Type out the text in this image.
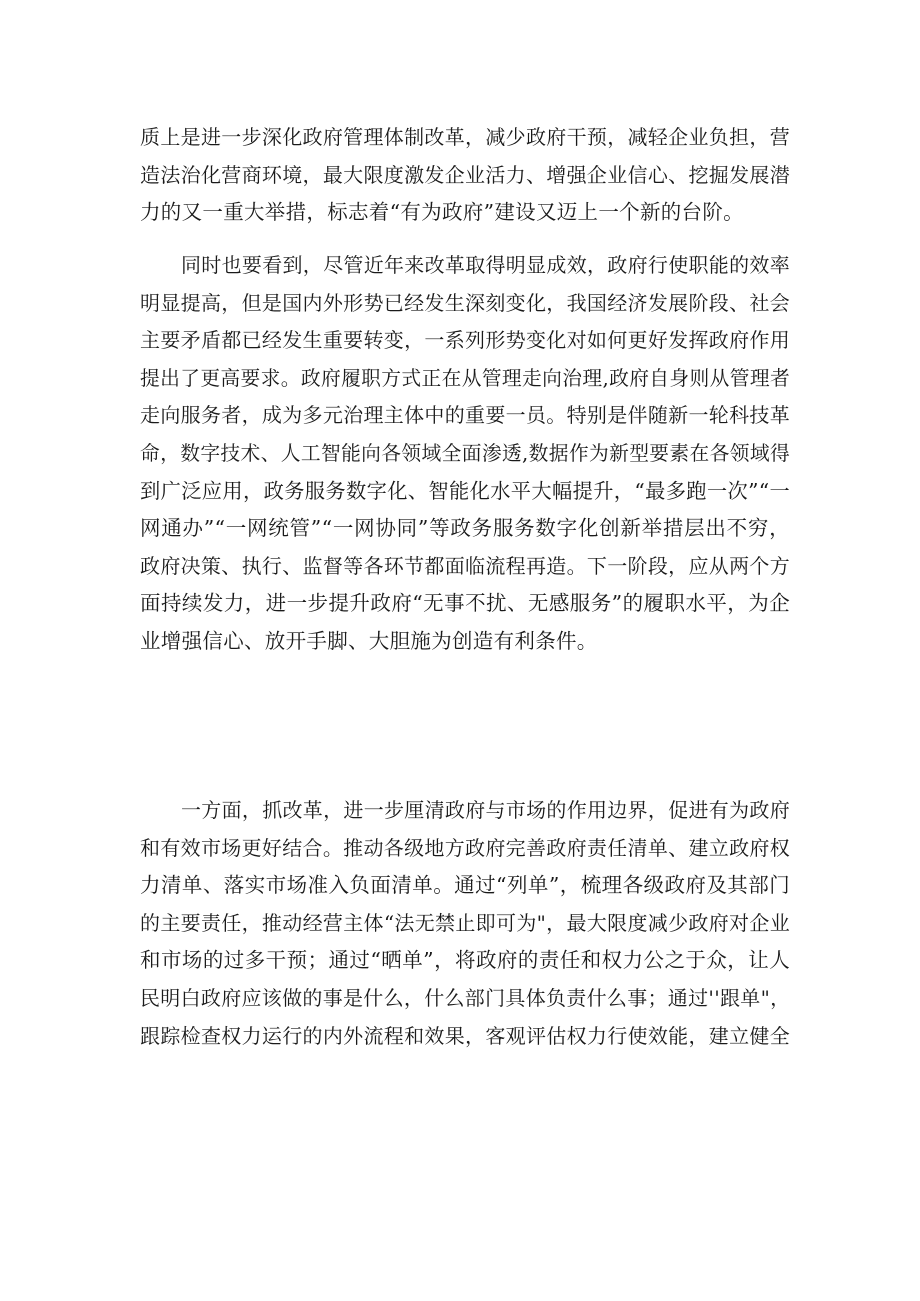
质上是进一步深化政府管理体制改革，减少政府干预，减轻企业负担，营
造法治化营商环境，最大限度激发企业活力、增强企业信心、挖掘发展潜
力的又一重大举措，标志着“有为政府”建设又迈上一个新的台阶。
同时也要看到，尽管近年来改革取得明显成效，政府行使职能的效率
明显提高，但是国内外形势已经发生深刻变化，我国经济发展阶段、社会
主要矛盾都已经发生重要转变，一系列形势变化对如何更好发挥政府作用
提出了更高要求。政府履职方式正在从管理走向治理,政府自身则从管理者
走向服务者，成为多元治理主体中的重要一员。特别是伴随新一轮科技革
命，数字技术、人工智能向各领域全面渗透,数据作为新型要素在各领域得
到广泛应用，政务服务数字化、智能化水平大幅提升，“最多跑一次”“一
网通办”“一网统管”“一网协同”等政务服务数字化创新举措层出不穷，
政府决策、执行、监督等各环节都面临流程再造。下一阶段，应从两个方
面持续发力，进一步提升政府“无事不扰、无感服务”的履职水平，为企
业增强信心、放开手脚、大胆施为创造有利条件。
一方面，抓改革，进一步厘清政府与市场的作用边界，促进有为政府
和有效市场更好结合。推动各级地方政府完善政府责任清单、建立政府权
力清单、落实市场准入负面清单。通过“列单”，梳理各级政府及其部门
的主要责任，推动经营主体“法无禁止即可为"，最大限度减少政府对企业
和市场的过多干预；通过“晒单”，将政府的责任和权力公之于众，让人
民明白政府应该做的事是什么，什么部门具体负责什么事；通过''跟单"，
跟踪检查权力运行的内外流程和效果，客观评估权力行使效能，建立健全
